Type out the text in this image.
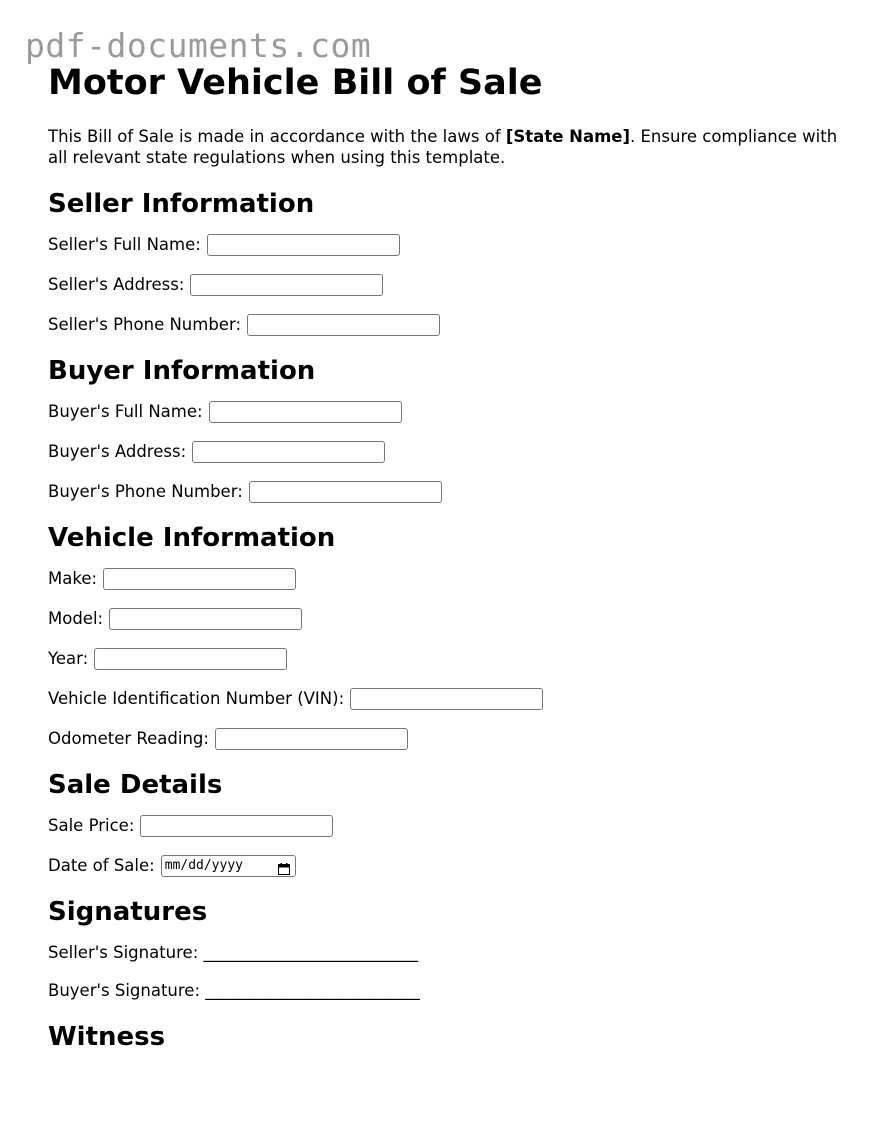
pdf-documents.com
Motor Vehicle Bill of Sale

This Bill of Sale is made in accordance with the laws of [State Name]. Ensure compliance with all relevant state regulations when using this template.

Seller Information
Seller's Full Name:
Seller's Address:
Seller's Phone Number:
Buyer Information
Buyer's Full Name:
Buyer's Address:
Buyer's Phone Number:
Vehicle Information
Make:
Model:
Year:
Vehicle Identification Number (VIN):
Odometer Reading:
Sale Details
Sale Price:
Date of Sale: mm/dd/yyyy
Signatures
Seller's Signature: __________________________
Buyer's Signature: __________________________
Witness
